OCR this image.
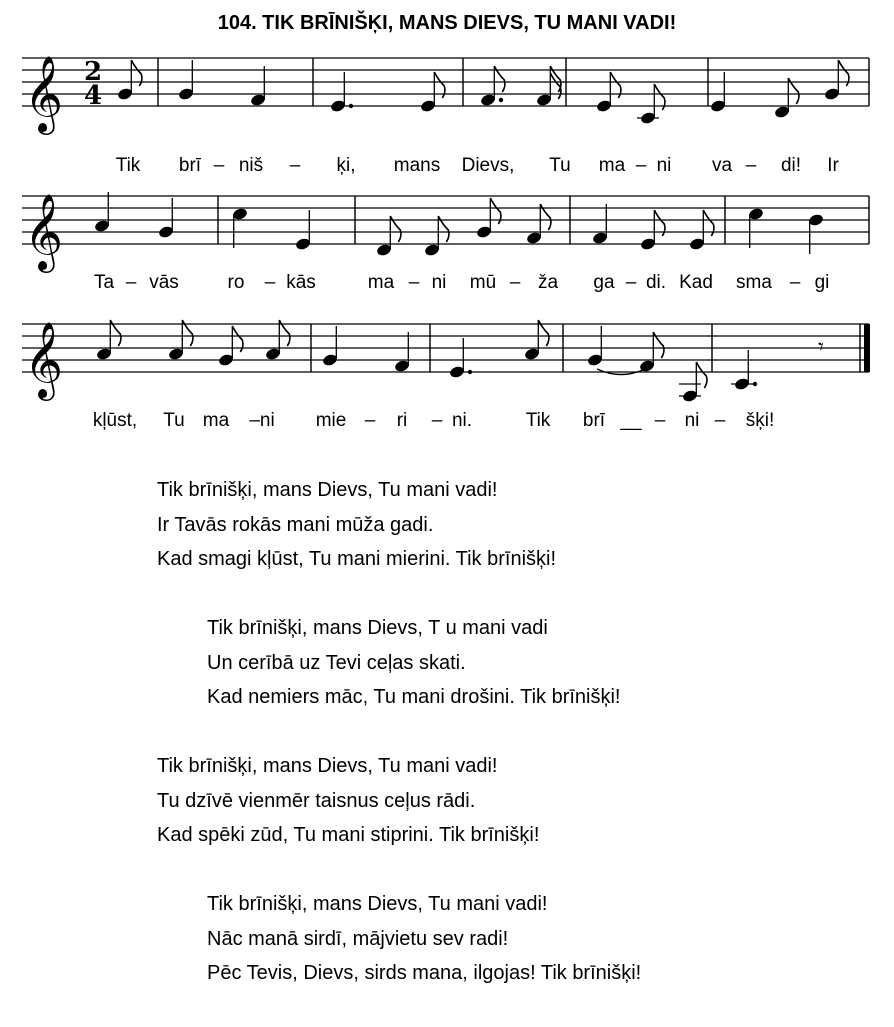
104. TIK BRĪNIŠĶI, MANS DIEVS, TU MANI VADI!
𝄞 2
4
Tik brī – niš – ķi, mans Dievs, Tu ma – ni va – di! Ir
𝄞
Ta – vās	ro – kās	ma – ni mū – ža ga – di. Kad sma – gi
𝄞	𝄾
kļūst, Tu ma –ni mie – ri – ni.	Tik brī __ – ni – šķi!
Tik brīnišķi, mans Dievs, Tu mani vadi!
Ir Tavās rokās mani mūža gadi.
Kad smagi kļūst, Tu mani mierini. Tik brīnišķi!
Tik brīnišķi, mans Dievs, T u mani vadi
Un cerībā uz Tevi ceļas skati.
Kad nemiers māc, Tu mani drošini. Tik brīnišķi!
Tik brīnišķi, mans Dievs, Tu mani vadi!
Tu dzīvē vienmēr taisnus ceļus rādi.
Kad spēki zūd, Tu mani stiprini. Tik brīnišķi!
Tik brīnišķi, mans Dievs, Tu mani vadi!
Nāc manā sirdī, mājvietu sev radi!
Pēc Tevis, Dievs, sirds mana, ilgojas! Tik brīnišķi!
